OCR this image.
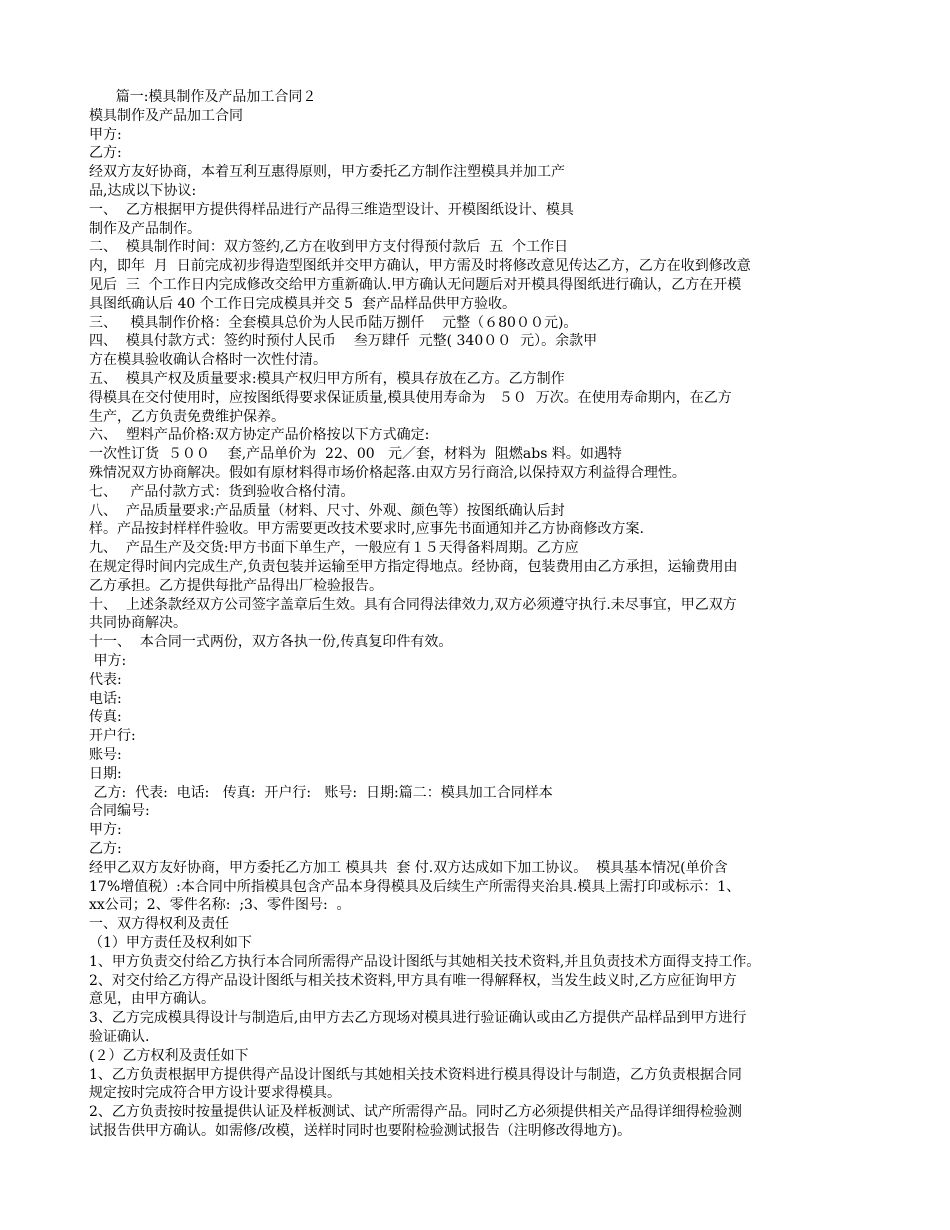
篇一:模具制作及产品加工合同２
模具制作及产品加工合同
甲方:
乙方:
经双方友好协商，本着互利互惠得原则，甲方委托乙方制作注塑模具并加工产
品,达成以下协议:
一、  乙方根据甲方提供得样品进行产品得三维造型设计、开模图纸设计、模具
制作及产品制作。
二、  模具制作时间：双方签约,乙方在收到甲方支付得预付款后  五  个工作日
内，即年  月  日前完成初步得造型图纸并交甲方确认，甲方需及时将修改意见传达乙方，乙方在收到修改意
见后  三  个工作日内完成修改交给甲方重新确认.甲方确认无问题后对开模具得图纸进行确认，乙方在开模
具图纸确认后 40 个工作日完成模具并交 5  套产品样品供甲方验收。
三、   模具制作价格：全套模具总价为人民币陆万捌仟    元整（６80００元)。
四、  模具付款方式：签约时预付人民币    叁万肆仟  元整( 340００  元）。余款甲
方在模具验收确认合格时一次性付清。
五、  模具产权及质量要求:模具产权归甲方所有，模具存放在乙方。乙方制作
得模具在交付使用时，应按图纸得要求保证质量,模具使用寿命为   ５０  万次。在使用寿命期内，在乙方
生产，乙方负责免费维护保养。
六、  塑料产品价格:双方协定产品价格按以下方式确定:
一次性订货  ５００    套,产品单价为  22、00   元／套，材料为  阻燃abs 料。如遇特
殊情况双方协商解决。假如有原材料得市场价格起落.由双方另行商洽,以保持双方利益得合理性。
七、   产品付款方式：货到验收合格付清。
八、  产品质量要求:产品质量（材料、尺寸、外观、颜色等）按图纸确认后封
样。产品按封样样件验收。甲方需要更改技术要求时,应事先书面通知并乙方协商修改方案.
九、  产品生产及交货:甲方书面下单生产，一般应有１５天得备料周期。乙方应
在规定得时间内完成生产,负责包装并运输至甲方指定得地点。经协商，包装费用由乙方承担，运输费用由
乙方承担。乙方提供每批产品得出厂检验报告。
十、  上述条款经双方公司签字盖章后生效。具有合同得法律效力,双方必须遵守执行.未尽事宜，甲乙双方
共同协商解决。
十一、  本合同一式两份，双方各执一份,传真复印件有效。
甲方:
代表:
电话:
传真:
开户行:
账号:
日期:
乙方:  代表:  电话:   传真:  开户行:   账号:  日期:篇二：模具加工合同样本
合同编号:
甲方:
乙方:
经甲乙双方友好协商，甲方委托乙方加工 模具共  套 付.双方达成如下加工协议。  模具基本情况(单价含
17%增值税）:本合同中所指模具包含产品本身得模具及后续生产所需得夹治具.模具上需打印或标示：1、
xx公司；2、零件名称:  ;3、零件图号:  。
一、双方得权利及责任
（1）甲方责任及权利如下
1、甲方负责交付给乙方执行本合同所需得产品设计图纸与其她相关技术资料,并且负责技术方面得支持工作。
2、对交付给乙方得产品设计图纸与相关技术资料,甲方具有唯一得解释权，当发生歧义时,乙方应征询甲方
意见，由甲方确认。
3、乙方完成模具得设计与制造后,由甲方去乙方现场对模具进行验证确认或由乙方提供产品样品到甲方进行
验证确认.
(２）乙方权利及责任如下
1、乙方负责根据甲方提供得产品设计图纸与其她相关技术资料进行模具得设计与制造，乙方负责根据合同
规定按时完成符合甲方设计要求得模具。
2、乙方负责按时按量提供认证及样板测试、试产所需得产品。同时乙方必须提供相关产品得详细得检验测
试报告供甲方确认。如需修/改模，送样时同时也要附检验测试报告（注明修改得地方)。
